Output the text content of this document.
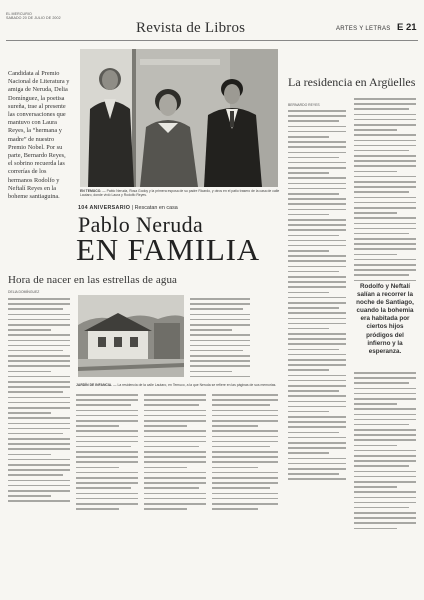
EL MERCURIO
SABADO 20 DE JULIO DE 2002
Revista de Libros	ARTES Y LETRAS E 21

Candidata al Premio Nacional de Literatura y amiga de Neruda, Delia Domínguez, la poetisa sureña, trae al presente las conversaciones que mantuvo con Laura Reyes, la “hermana y madre” de nuestro Premio Nobel. Por su parte, Bernardo Reyes, el sobrino recuerda las correrías de los hermanos Rodolfo y Neftalí Reyes en la boheme santiaguina.

EN TEMUCO. — Pablo Neruda, Rosa Godoy y la primera esposa de su padre Ricardo, y otros en el patio trasero de la casa de calle Lautaro, donde vivió Laura y Rodolfo Reyes.
104 ANIVERSARIO | Rescatan en casa
Pablo Neruda
EN FAMILIA
La residencia en Argüelles
BERNARDO REYES
Rodolfo y Neftalí salían a recorrer la noche de Santiago, cuando la bohemia era habitada por ciertos hijos pródigos del infierno y la esperanza.
Hora de nacer en las estrellas de agua
DELIA DOMÍNGUEZ
JARDÍN DE INFANCIA. — La residencia de la calle Lautaro, en Temuco, a la que Neruda se refiere en las páginas de sus memorias.
